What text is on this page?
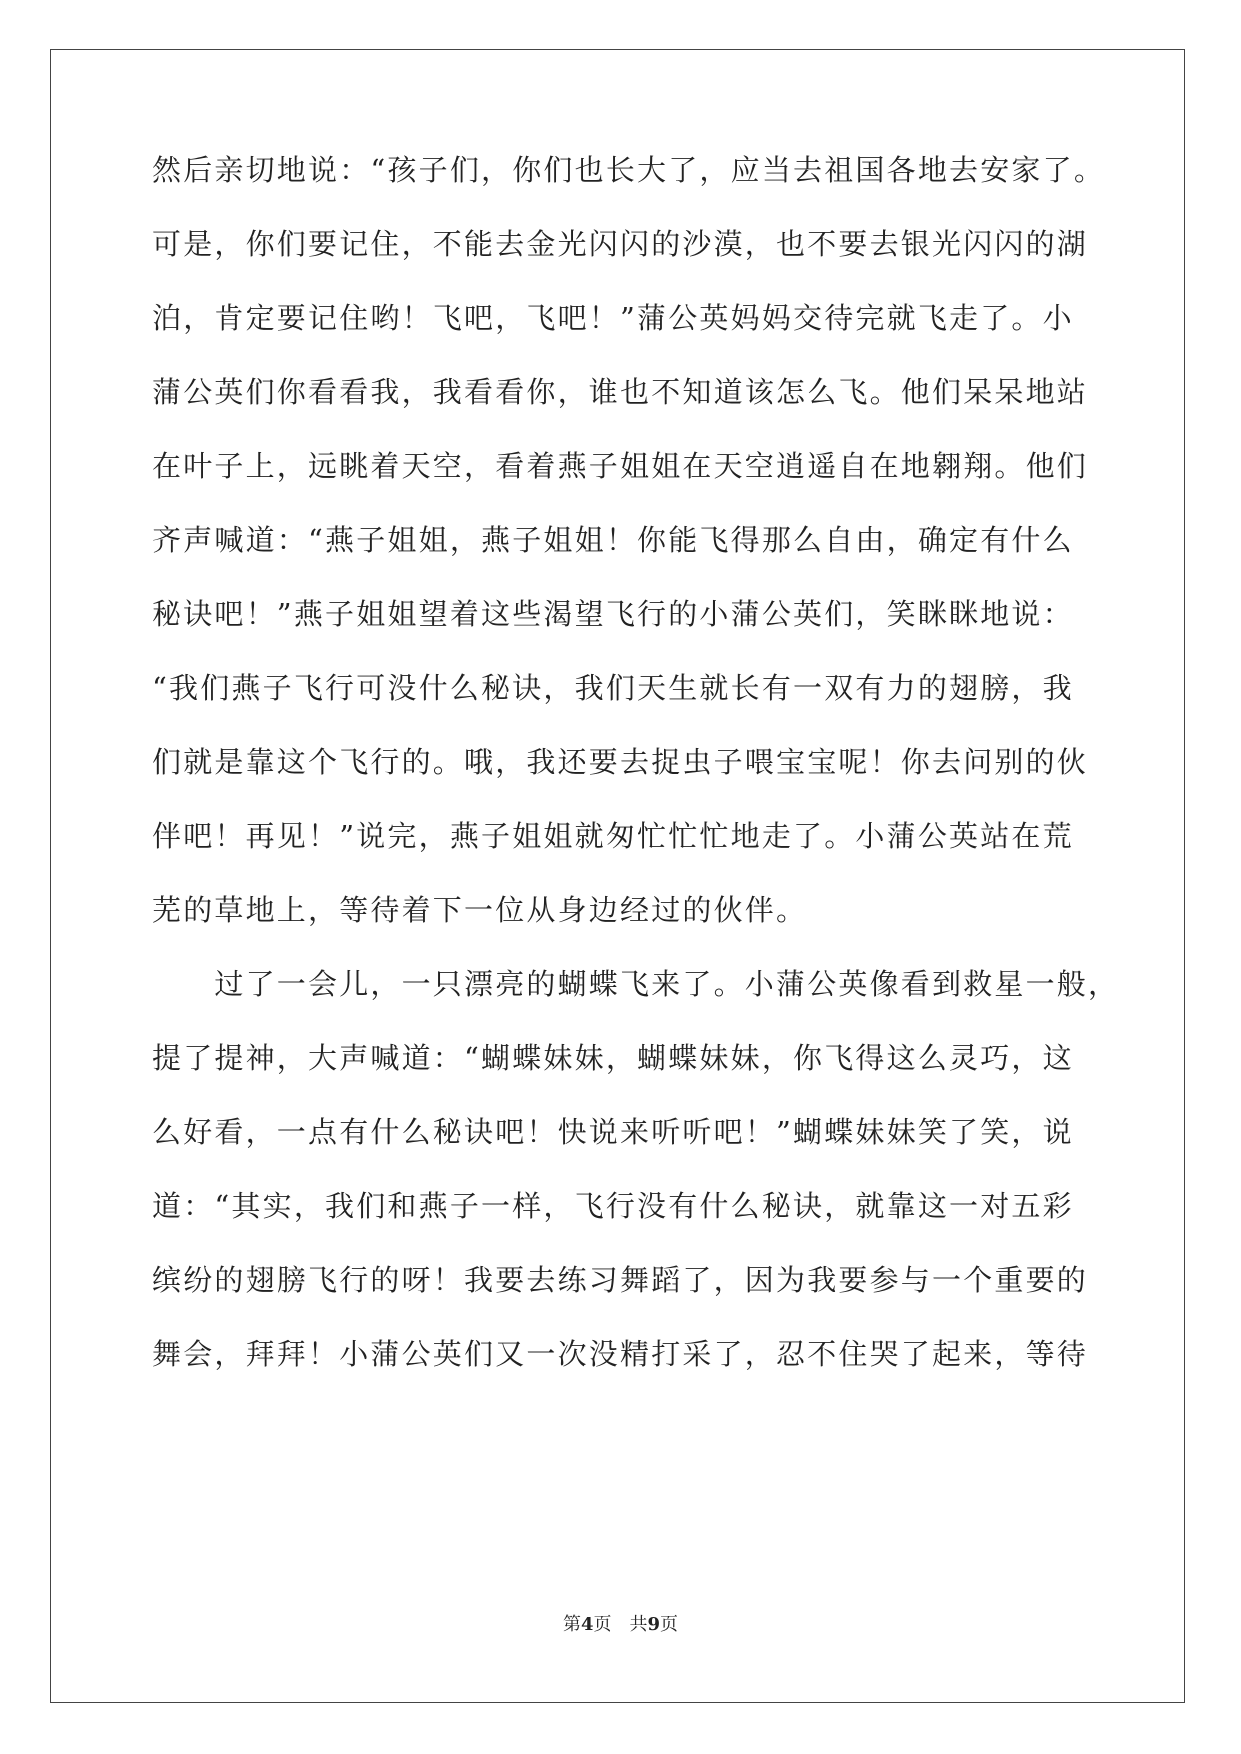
然后亲切地说：“孩子们，你们也长大了，应当去祖国各地去安家了。
可是，你们要记住，不能去金光闪闪的沙漠，也不要去银光闪闪的湖
泊，肯定要记住哟！飞吧，飞吧！”蒲公英妈妈交待完就飞走了。小
蒲公英们你看看我，我看看你，谁也不知道该怎么飞。他们呆呆地站
在叶子上，远眺着天空，看着燕子姐姐在天空逍遥自在地翱翔。他们
齐声喊道：“燕子姐姐，燕子姐姐！你能飞得那么自由，确定有什么
秘诀吧！”燕子姐姐望着这些渴望飞行的小蒲公英们，笑眯眯地说：
“我们燕子飞行可没什么秘诀，我们天生就长有一双有力的翅膀，我
们就是靠这个飞行的。哦，我还要去捉虫子喂宝宝呢！你去问别的伙
伴吧！再见！”说完，燕子姐姐就匆忙忙忙地走了。小蒲公英站在荒
芜的草地上，等待着下一位从身边经过的伙伴。
　　过了一会儿，一只漂亮的蝴蝶飞来了。小蒲公英像看到救星一般，
提了提神，大声喊道：“蝴蝶妹妹，蝴蝶妹妹，你飞得这么灵巧，这
么好看，一点有什么秘诀吧！快说来听听吧！”蝴蝶妹妹笑了笑，说
道：“其实，我们和燕子一样，飞行没有什么秘诀，就靠这一对五彩
缤纷的翅膀飞行的呀！我要去练习舞蹈了，因为我要参与一个重要的
舞会，拜拜！小蒲公英们又一次没精打采了，忍不住哭了起来，等待
第4页 共9页
